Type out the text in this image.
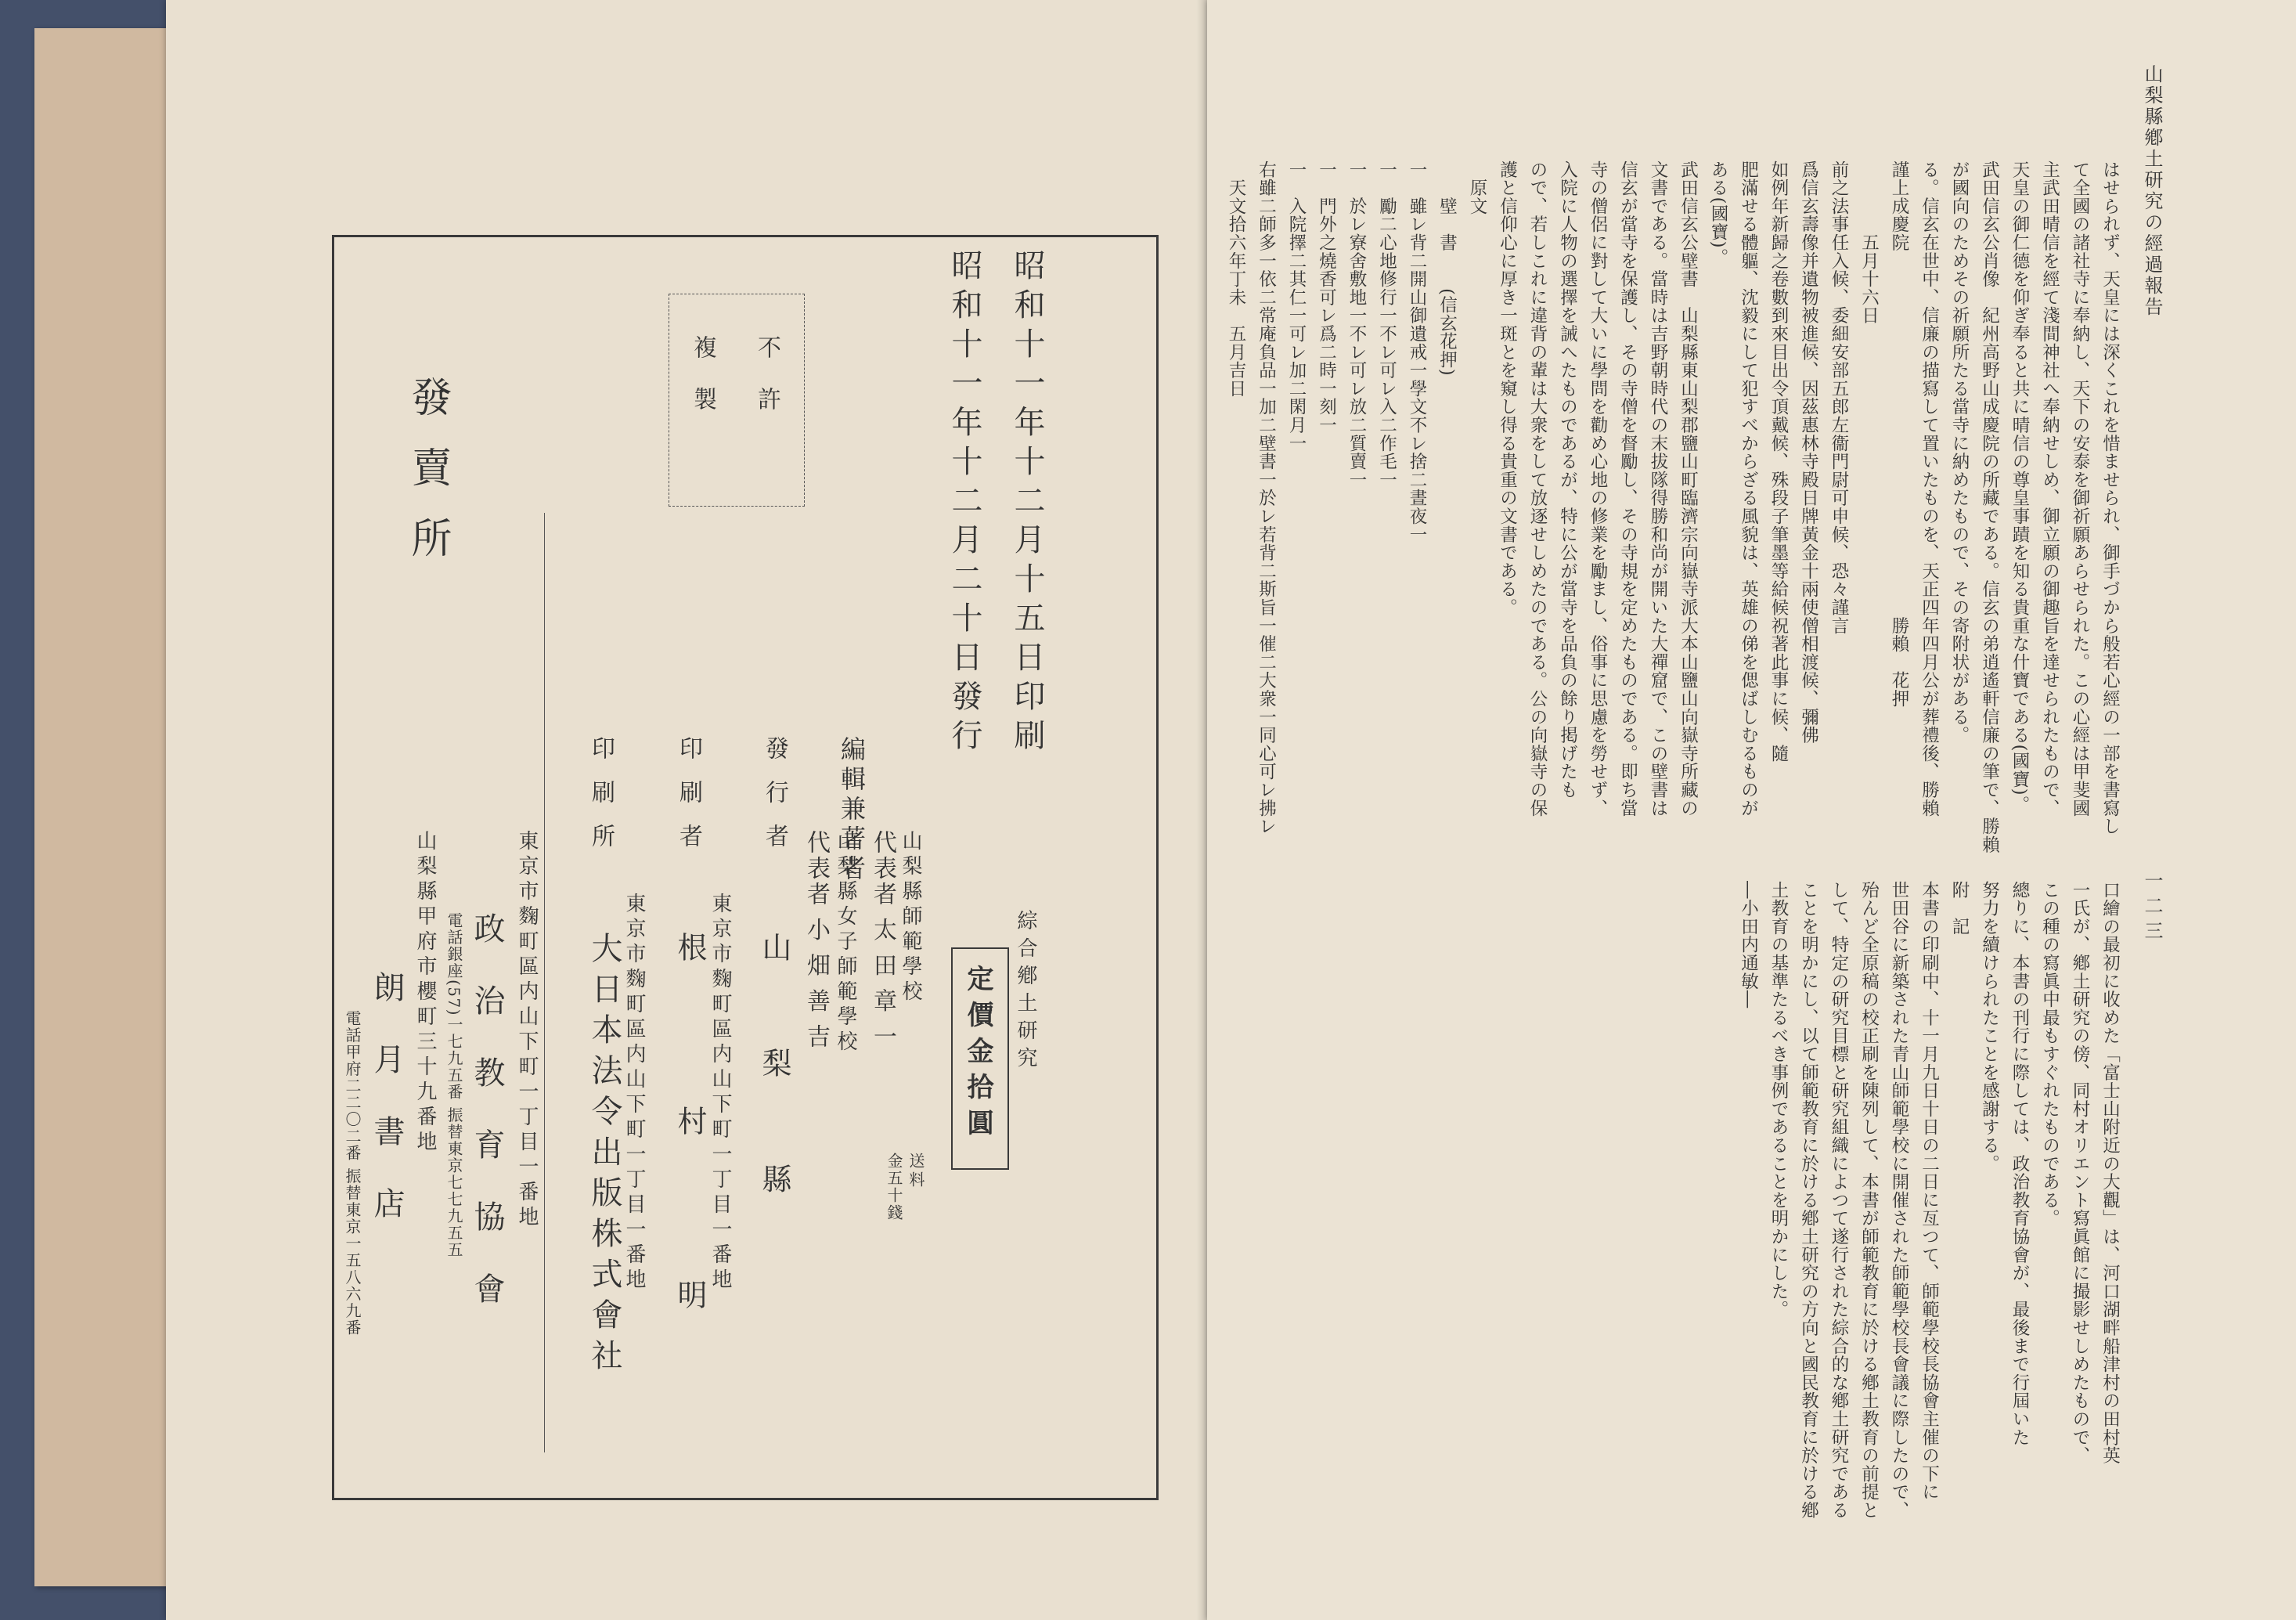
昭和十一年十二月十五日印刷
昭和十一年十二月二十日發行
不許
複製
發賣所
綜合鄕土研究
定價金拾圓
送料
金五十錢
編輯兼著者
山梨縣師範學校
代表者 太 田 章 一
山梨縣女子師範學校
代表者 小 畑 善 吉
發行者
山　梨　縣
印刷者
東京市麴町區内山下町一丁目一番地
根　　村　　明
印刷所
東京市麴町區内山下町一丁目一番地
大日本法令出版株式會社
東京市麴町區内山下町一丁目一番地
政　治　教　育　協　會
電話銀座(57)一七九五番 振替東京七七九五五
山梨縣甲府市櫻町三十九番地
朗　月　書　店
電話甲府二二〇二番 振替東京一五八六九番
山梨縣鄕土研究の經過報告
一二三
はせられず、天皇には深くこれを惜ませられ、御手づから般若心經の一部を書寫し
て全國の諸社寺に奉納し、天下の安泰を御祈願あらせられた。この心經は甲斐國
主武田晴信を經て淺間神社へ奉納せしめ、御立願の御趣旨を達せられたもので、
天皇の御仁德を仰ぎ奉ると共に晴信の尊皇事蹟を知る貴重な什寶である(國寶)。
武田信玄公肖像　紀州高野山成慶院の所藏である。信玄の弟逍遙軒信廉の筆で、勝賴
が國向のためその祈願所たる當寺に納めたもので、その寄附状がある。
る。信玄在世中、信廉の描寫して置いたものを、天正四年四月公が葬禮後、勝賴
謹上成慶院　　　　　　　　　　　　　　　　　　　　勝賴　花押
　　　　五月十六日
前之法事任入候、委細安部五郎左衞門尉可申候、恐々謹言
爲信玄壽像并遺物被進候、因茲惠林寺殿日牌黃金十兩使僧相渡候、彌佛
如例年新歸之卷數到來目出令頂戴候、殊段子筆墨等給候祝著此事に候、隨
肥滿せる體軀、沈毅にして犯すべからざる風貌は、英雄の俤を偲ばしむるものが
ある(國寶)。
武田信玄公壁書　山梨縣東山梨郡鹽山町臨濟宗向嶽寺派大本山鹽山向嶽寺所藏の
文書である。當時は吉野朝時代の末拔隊得勝和尚が開いた大禪窟で、この壁書は
信玄が當寺を保護し、その寺僧を督勵し、その寺規を定めたものである。即ち當
寺の僧侶に對して大いに學問を勸め心地の修業を勵まし、俗事に思慮を勞せず、
入院に人物の選擇を誡へたものであるが、特に公が當寺を品負の餘り掲げたも
ので、若しこれに違背の輩は大衆をして放逐せしめたのである。公の向嶽寺の保
護と信仰心に厚き一斑とを窺し得る貴重の文書である。
　原文
　　壁　書　　(信玄花押)
一　雖レ背二開山御遺戒一學文不レ捨二晝夜一
一　勵二心地修行一不レ可レ入二作毛一
一　於レ寮舍敷地一不レ可レ放二質賣一
一　門外之燒香可レ爲二時一刻一
一　入院擇二其仁一可レ加二閑月一
右雖二師多一依二常庵負品一加二壁書一於レ若背二斯旨一催二大衆一同心可レ拂レ
　天文拾六年丁未　五月吉日
口繪の最初に收めた「富士山附近の大觀」は、河口湖畔船津村の田村英
一氏が、鄕土研究の傍、同村オリエント寫眞館に撮影せしめたもので、
この種の寫眞中最もすぐれたものである。
總りに、本書の刊行に際しては、政治教育協會が、最後まで行屆いた
努力を續けられたことを感謝する。
附　記
本書の印刷中、十一月九日十日の二日に亙つて、師範學校長協會主催の下に
世田谷に新築された青山師範學校に開催された師範學校長會議に際したので、
殆んど全原稿の校正刷を陳列して、本書が師範教育に於ける鄕土教育の前提と
して、特定の研究目標と研究組織によつて遂行された綜合的な鄕土研究である
ことを明かにし、以て師範教育に於ける鄕土研究の方向と國民教育に於ける鄕
土教育の基準たるべき事例であることを明かにした。
―小田内通敏―
